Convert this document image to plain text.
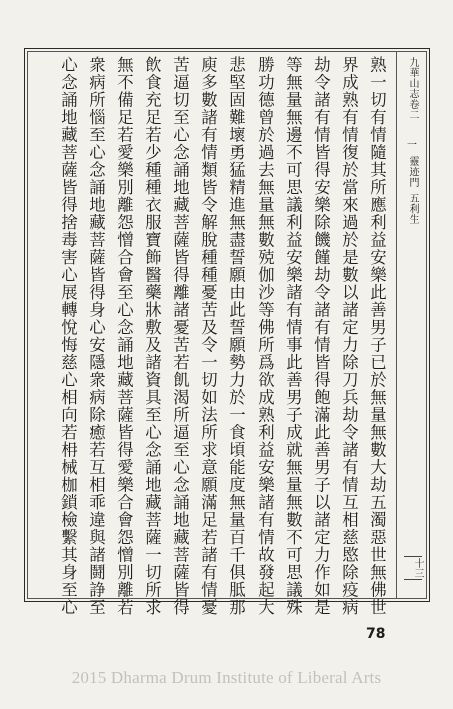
九華山志卷二
一
靈迹門
五利生
十三
熟一切有情隨其所應利益安樂此善男子已於無量無數大劫五濁惡世無佛世
界成熟有情復於當來過於是數以諸定力除刀兵劫令諸有情互相慈愍除疫病
劫令諸有情皆得安樂除饑饉劫令諸有情皆得飽滿此善男子以諸定力作如是
等無量無邊不可思議利益安樂諸有情事此善男子成就無量無數不可思議殊
勝功德曾於過去無量無數殑伽沙等佛所爲欲成熟利益安樂諸有情故發起大
悲堅固難壞勇猛精進無盡誓願由此誓願勢力於一食頃能度無量百千俱胝那
庾多數諸有情類皆令解脫種種憂苦及令一切如法所求意願滿足若諸有情憂
苦逼切至心念誦地藏菩薩皆得離諸憂苦若飢渴所逼至心念誦地藏菩薩皆得
飲食充足若少種種衣服寶飾醫藥牀敷及諸資具至心念誦地藏菩薩一切所求
無不備足若愛樂別離怨憎合會至心念誦地藏菩薩皆得愛樂合會怨憎別離若
衆病所惱至心念誦地藏菩薩皆得身心安隱衆病除癒若互相乖違與諸鬪諍至
心念誦地藏菩薩皆得捨毒害心展轉悅悔慈心相向若枏械枷鎖檢繫其身至心
78
2015 Dharma Drum Institute of Liberal Arts
